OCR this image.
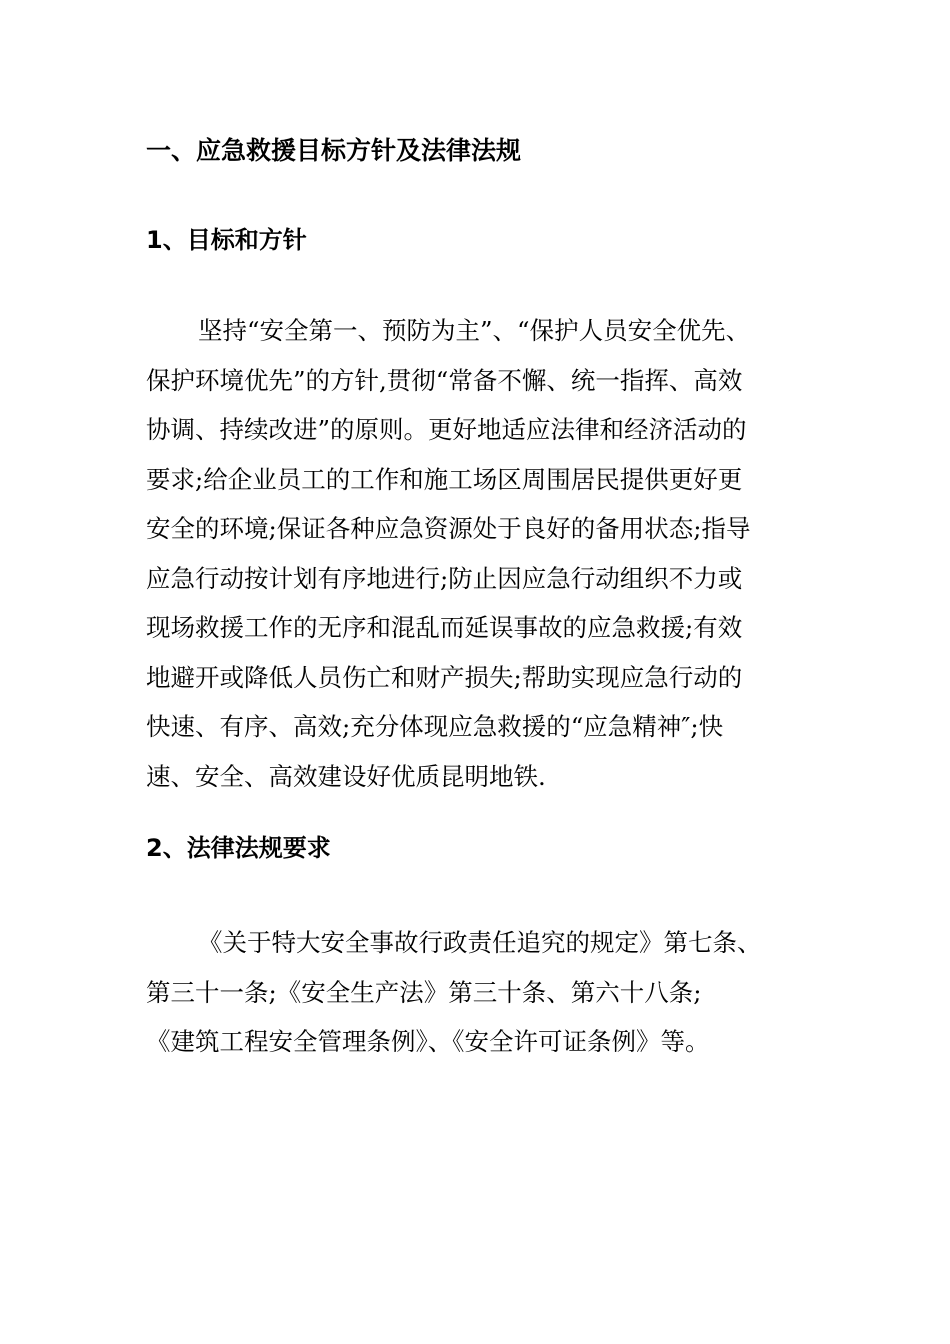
一、应急救援目标方针及法律法规
1、目标和方针
坚持“安全第一、预防为主”、“保护人员安全优先、
保护环境优先”的方针,贯彻“常备不懈、统一指挥、高效
协调、持续改进”的原则。更好地适应法律和经济活动的
要求;给企业员工的工作和施工场区周围居民提供更好更
安全的环境;保证各种应急资源处于良好的备用状态;指导
应急行动按计划有序地进行;防止因应急行动组织不力或
现场救援工作的无序和混乱而延误事故的应急救援;有效
地避开或降低人员伤亡和财产损失;帮助实现应急行动的
快速、有序、高效;充分体现应急救援的“应急精神″;快
速、安全、高效建设好优质昆明地铁.
2、法律法规要求
《关于特大安全事故行政责任追究的规定》第七条、
第三十一条;《安全生产法》第三十条、第六十八条;
《建筑工程安全管理条例》、《安全许可证条例》等。
